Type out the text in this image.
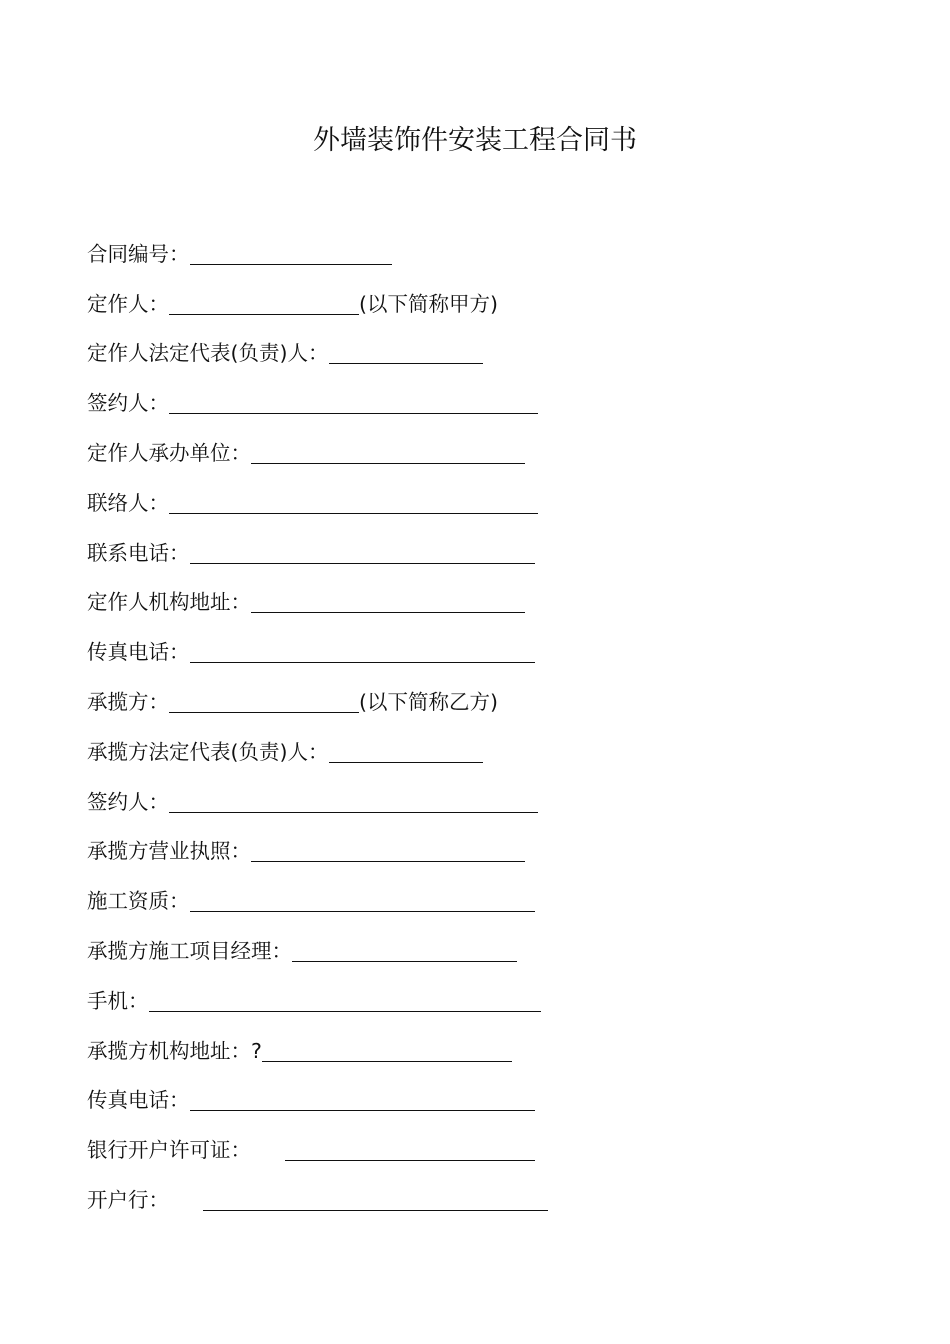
外墙装饰件安装工程合同书
合同编号：
定作人：	(以下简称甲方)
定作人法定代表(负责)人：
签约人：
定作人承办单位：
联络人：
联系电话：
定作人机构地址：
传真电话：
承揽方：	(以下简称乙方)
承揽方法定代表(负责)人：
签约人：
承揽方营业执照：
施工资质：
承揽方施工项目经理：
手机：
承揽方机构地址：?
传真电话：
银行开户许可证：
开户行：
